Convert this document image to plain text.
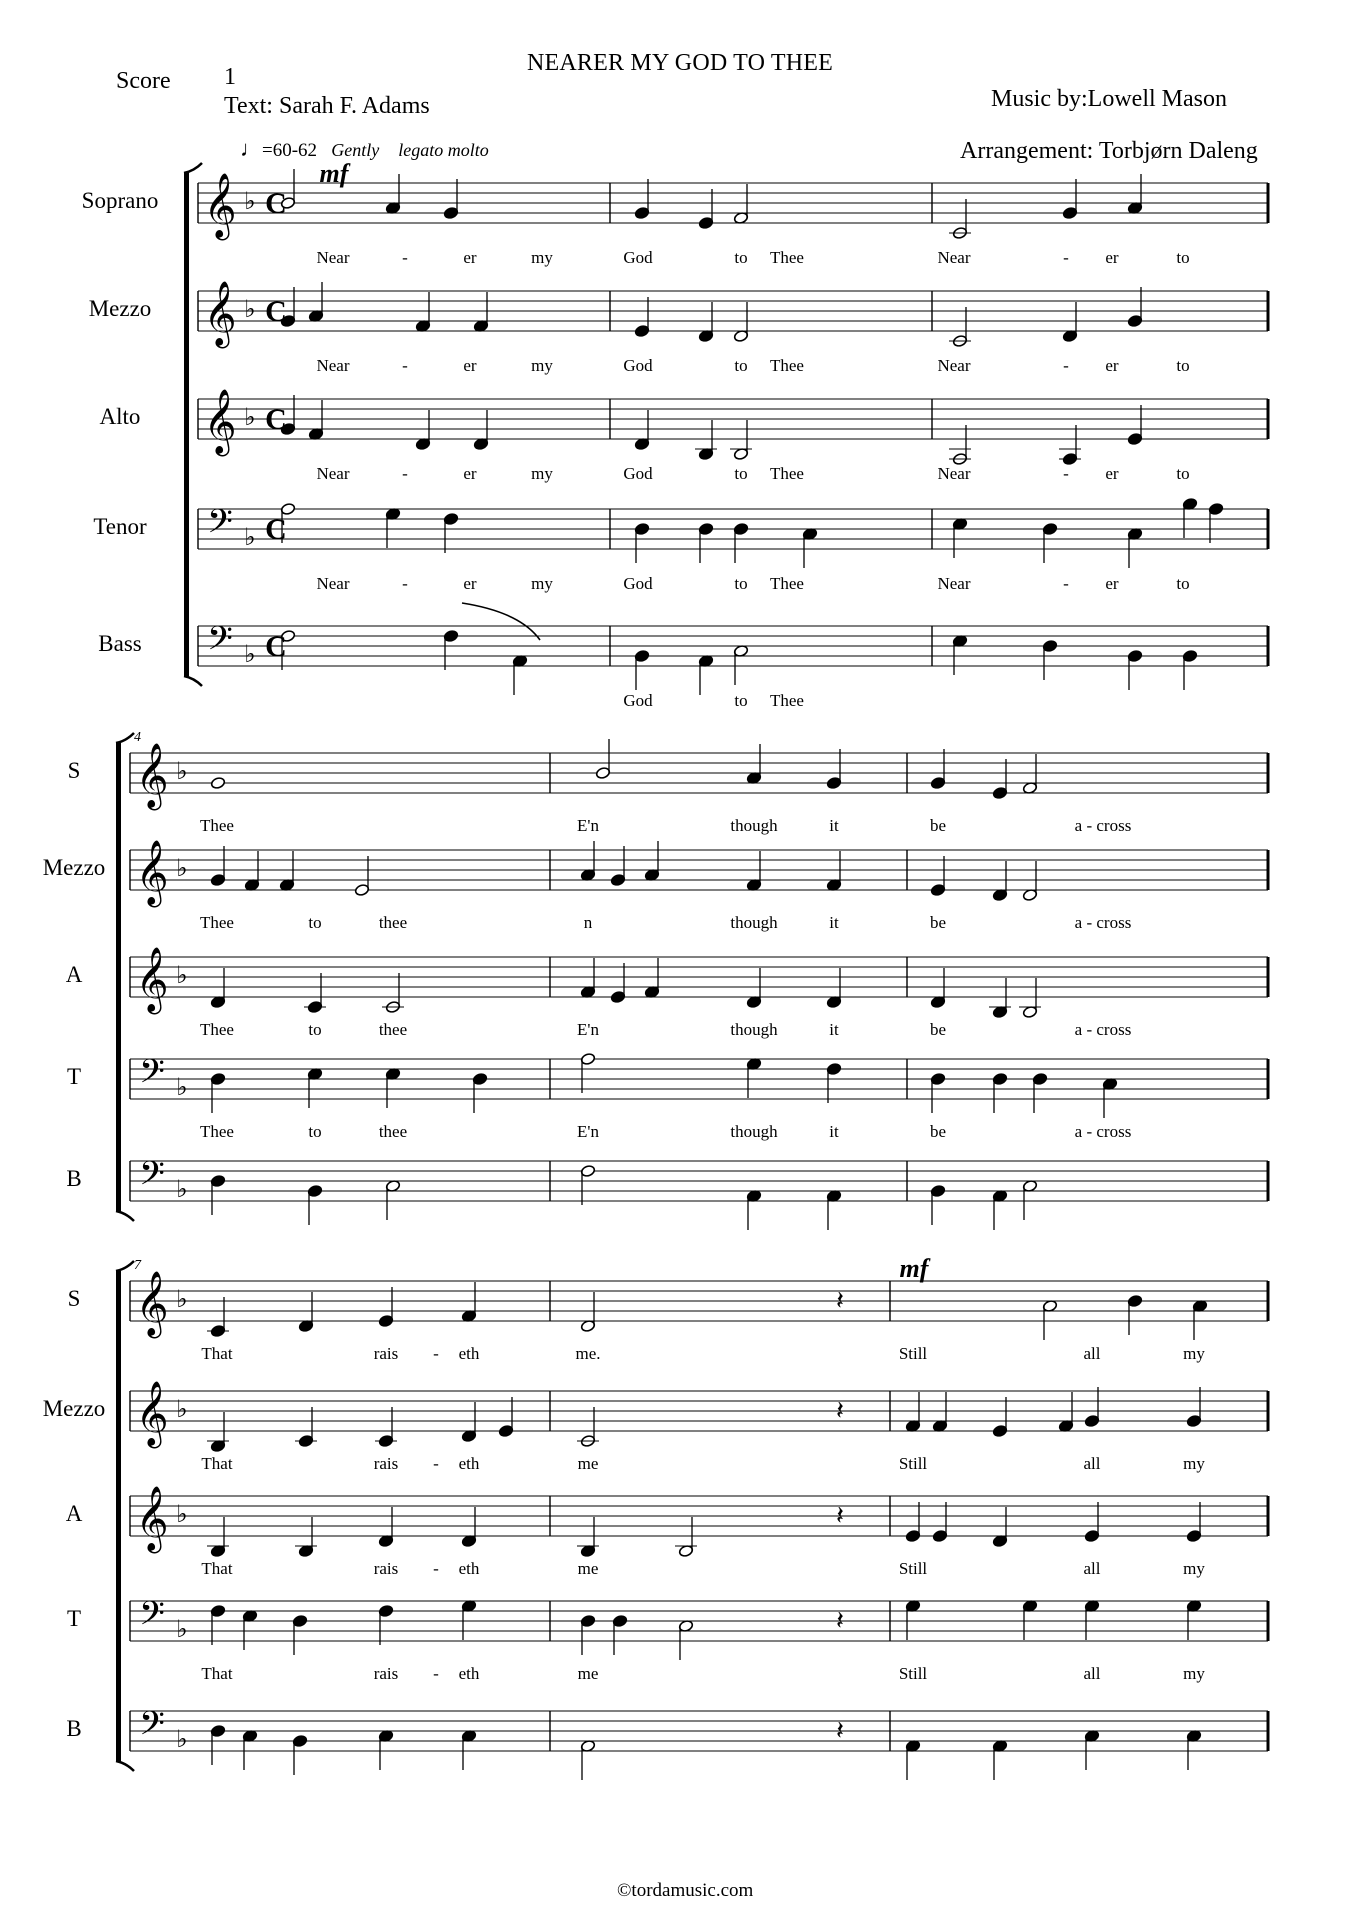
Score 1
NEARER MY GOD TO THEE
Text: Sarah F. Adams	Music by:Lowell Mason
Arrangement: Torbjørn Daleng
♩=60-62 Gently legato molto
©tordamusic.com
Near	-	er	my	God	to Thee	Near	- er	to
Near	-	er	my	God	to Thee	Near	- er	to
Near	-	er	my	God	to Thee	Near	- er	to
Near	-	er	my	God	to Thee	Near	- er	to
God	to Thee
Soprano 𝄞 ♭ C
Mezzo 𝄞 ♭ C
Alto 𝄞 ♭ C
Tenor 𝄢 ♭ C
Bass 𝄢 ♭ C
Thee	E'n	though	it	be	a - cross
Thee	to	thee	n	though	it	be	a - cross
Thee	to	thee	E'n	though	it	be	a - cross
Thee	to	thee	E'n	though	it	be	a - cross
4
S 𝄞 ♭
Mezzo 𝄞 ♭
A 𝄞 ♭
T 𝄢 ♭
B 𝄢 ♭
That	rais - eth	me.	Still	all	my
That	rais - eth	me	Still	all	my
That	rais - eth	me	Still	all	my
That	rais - eth	me	Still	all	my
7
S 𝄞 ♭	𝄽
Mezzo 𝄞 ♭	𝄽
A 𝄞 ♭	𝄽
T 𝄢 ♭	𝄽
B 𝄢 ♭	𝄽
mf
mf
